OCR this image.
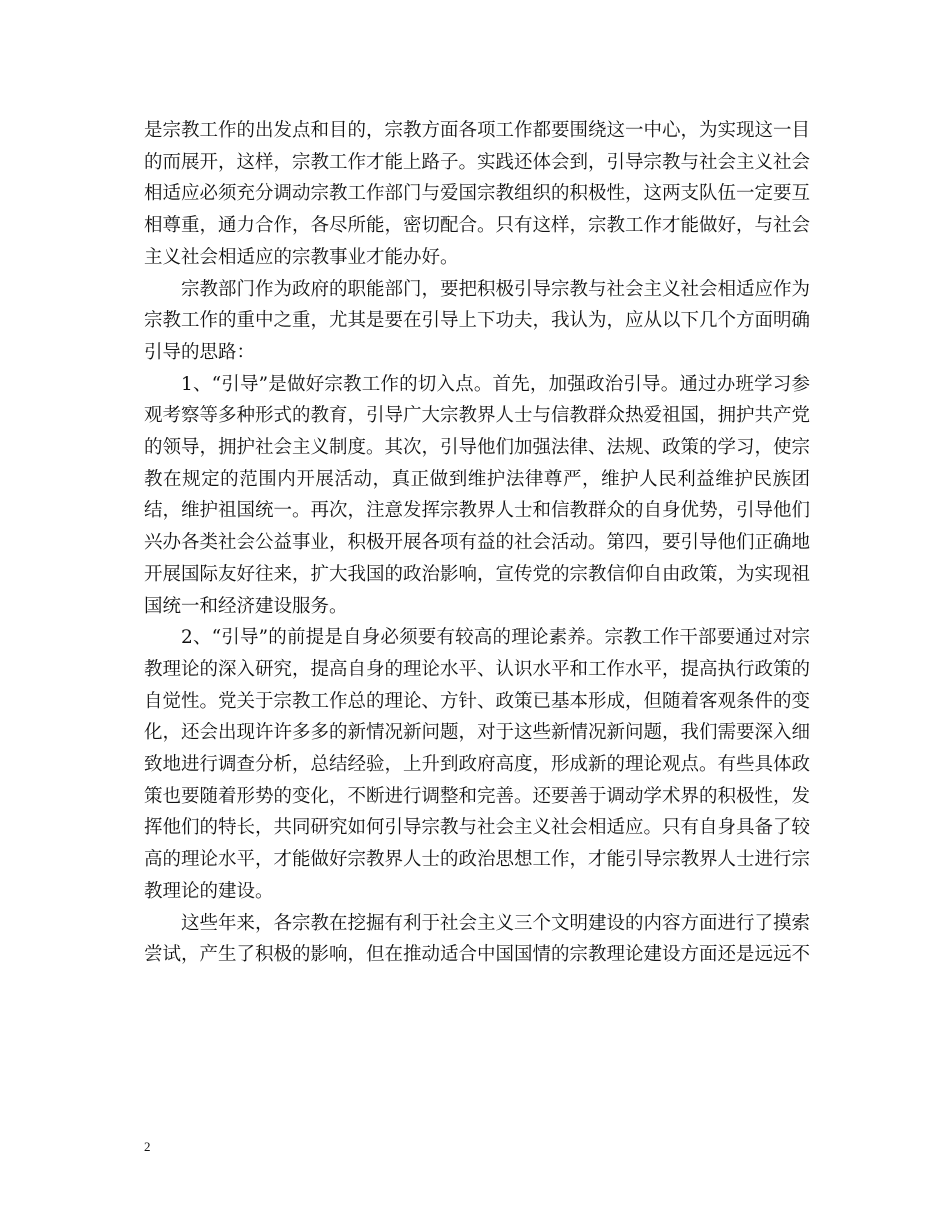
是宗教工作的出发点和目的，宗教方面各项工作都要围绕这一中心，为实现这一目的而展开，这样，宗教工作才能上路子。实践还体会到，引导宗教与社会主义社会相适应必须充分调动宗教工作部门与爱国宗教组织的积极性，这两支队伍一定要互相尊重，通力合作，各尽所能，密切配合。只有这样，宗教工作才能做好，与社会主义社会相适应的宗教事业才能办好。

宗教部门作为政府的职能部门，要把积极引导宗教与社会主义社会相适应作为宗教工作的重中之重，尤其是要在引导上下功夫，我认为，应从以下几个方面明确引导的思路：

1、“引导”是做好宗教工作的切入点。首先，加强政治引导。通过办班学习参观考察等多种形式的教育，引导广大宗教界人士与信教群众热爱祖国，拥护共产党的领导，拥护社会主义制度。其次，引导他们加强法律、法规、政策的学习，使宗教在规定的范围内开展活动，真正做到维护法律尊严，维护人民利益维护民族团结，维护祖国统一。再次，注意发挥宗教界人士和信教群众的自身优势，引导他们兴办各类社会公益事业，积极开展各项有益的社会活动。第四，要引导他们正确地开展国际友好往来，扩大我国的政治影响，宣传党的宗教信仰自由政策，为实现祖国统一和经济建设服务。

2、“引导”的前提是自身必须要有较高的理论素养。宗教工作干部要通过对宗教理论的深入研究，提高自身的理论水平、认识水平和工作水平，提高执行政策的自觉性。党关于宗教工作总的理论、方针、政策已基本形成，但随着客观条件的变化，还会出现许许多多的新情况新问题，对于这些新情况新问题，我们需要深入细致地进行调查分析，总结经验，上升到政府高度，形成新的理论观点。有些具体政策也要随着形势的变化，不断进行调整和完善。还要善于调动学术界的积极性，发挥他们的特长，共同研究如何引导宗教与社会主义社会相适应。只有自身具备了较高的理论水平，才能做好宗教界人士的政治思想工作，才能引导宗教界人士进行宗教理论的建设。

这些年来，各宗教在挖掘有利于社会主义三个文明建设的内容方面进行了摸索尝试，产生了积极的影响，但在推动适合中国国情的宗教理论建设方面还是远远不

2
